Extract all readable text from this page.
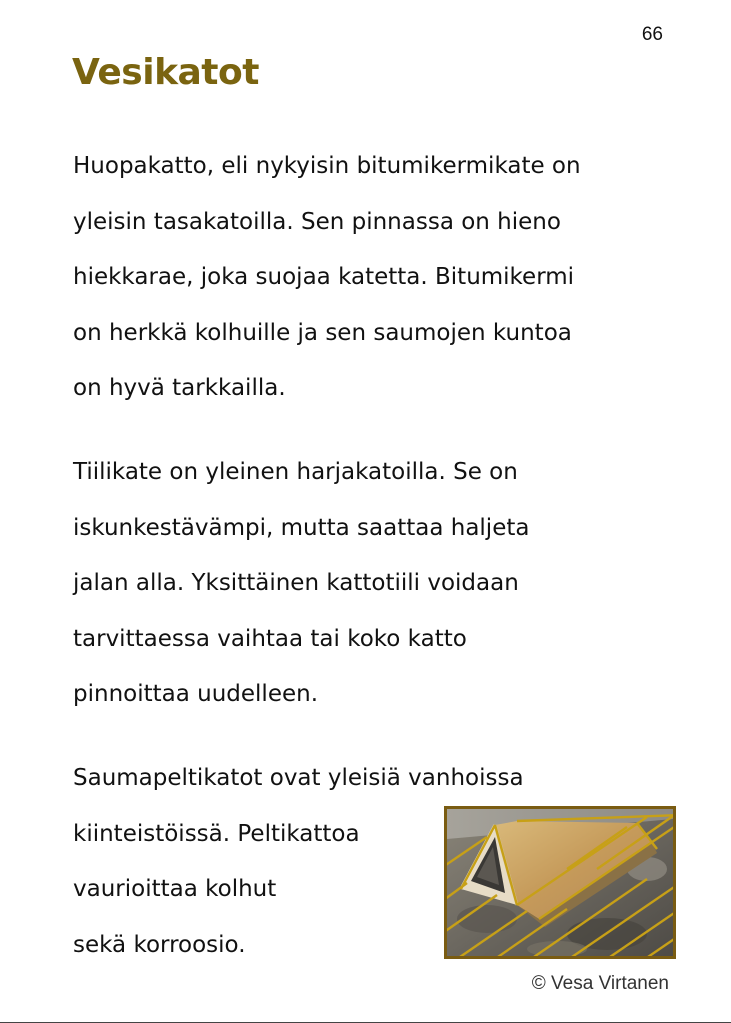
66
Vesikatot

Huopakatto, eli nykyisin bitumikermikate on
yleisin tasakatoilla. Sen pinnassa on hieno
hiekkarae, joka suojaa katetta. Bitumikermi
on herkkä kolhuille ja sen saumojen kuntoa
on hyvä tarkkailla.

Tiilikate on yleinen harjakatoilla. Se on
iskunkestävämpi, mutta saattaa haljeta
jalan alla. Yksittäinen kattotiili voidaan
tarvittaessa vaihtaa tai koko katto
pinnoittaa uudelleen.

Saumapeltikatot ovat yleisiä vanhoissa
kiinteistöissä. Peltikattoa
vaurioittaa kolhut
sekä korroosio.

© Vesa Virtanen
